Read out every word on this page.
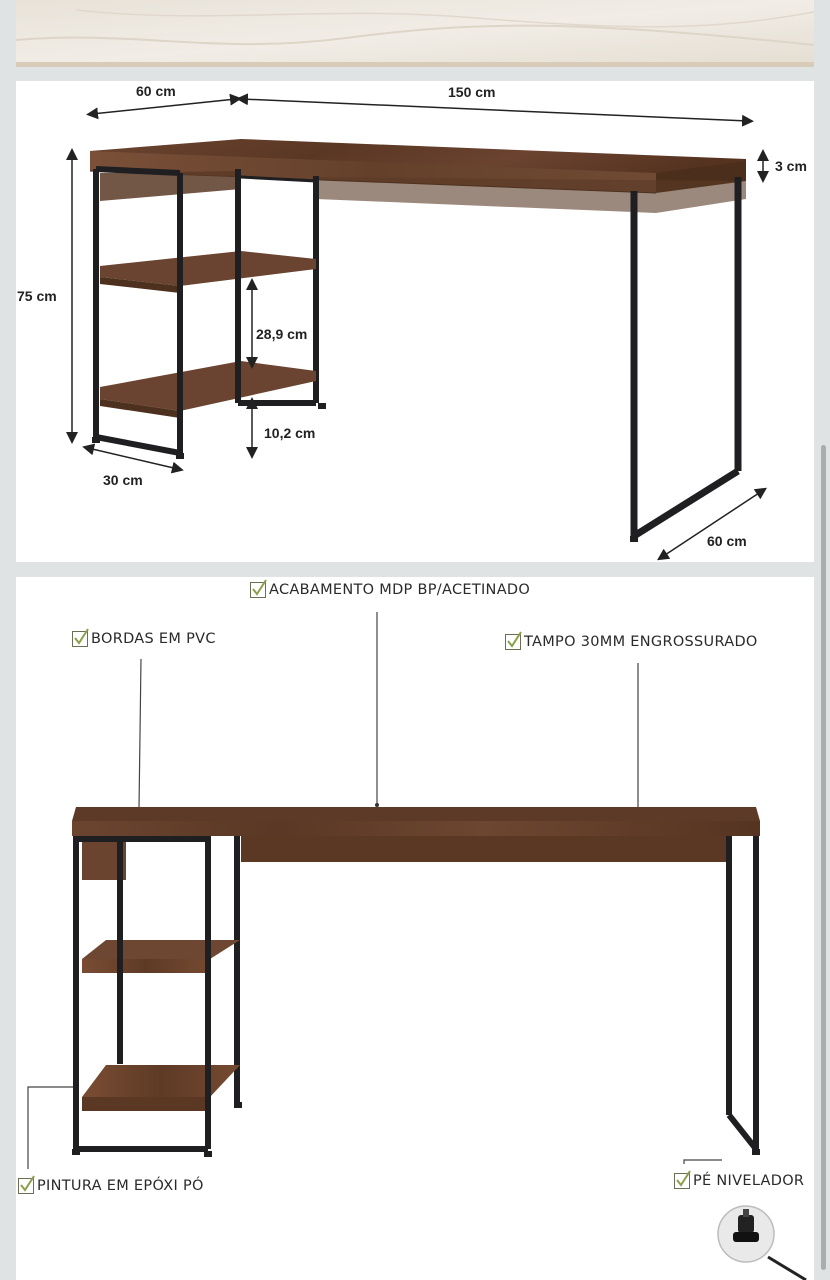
60 cm	150 cm
3 cm
75 cm
28,9 cm
10,2 cm
30 cm
60 cm
ACABAMENTO MDP BP/ACETINADO
BORDAS EM PVC	TAMPO 30MM ENGROSSURADO
PINTURA EM EPÓXI PÓ	PÉ NIVELADOR
